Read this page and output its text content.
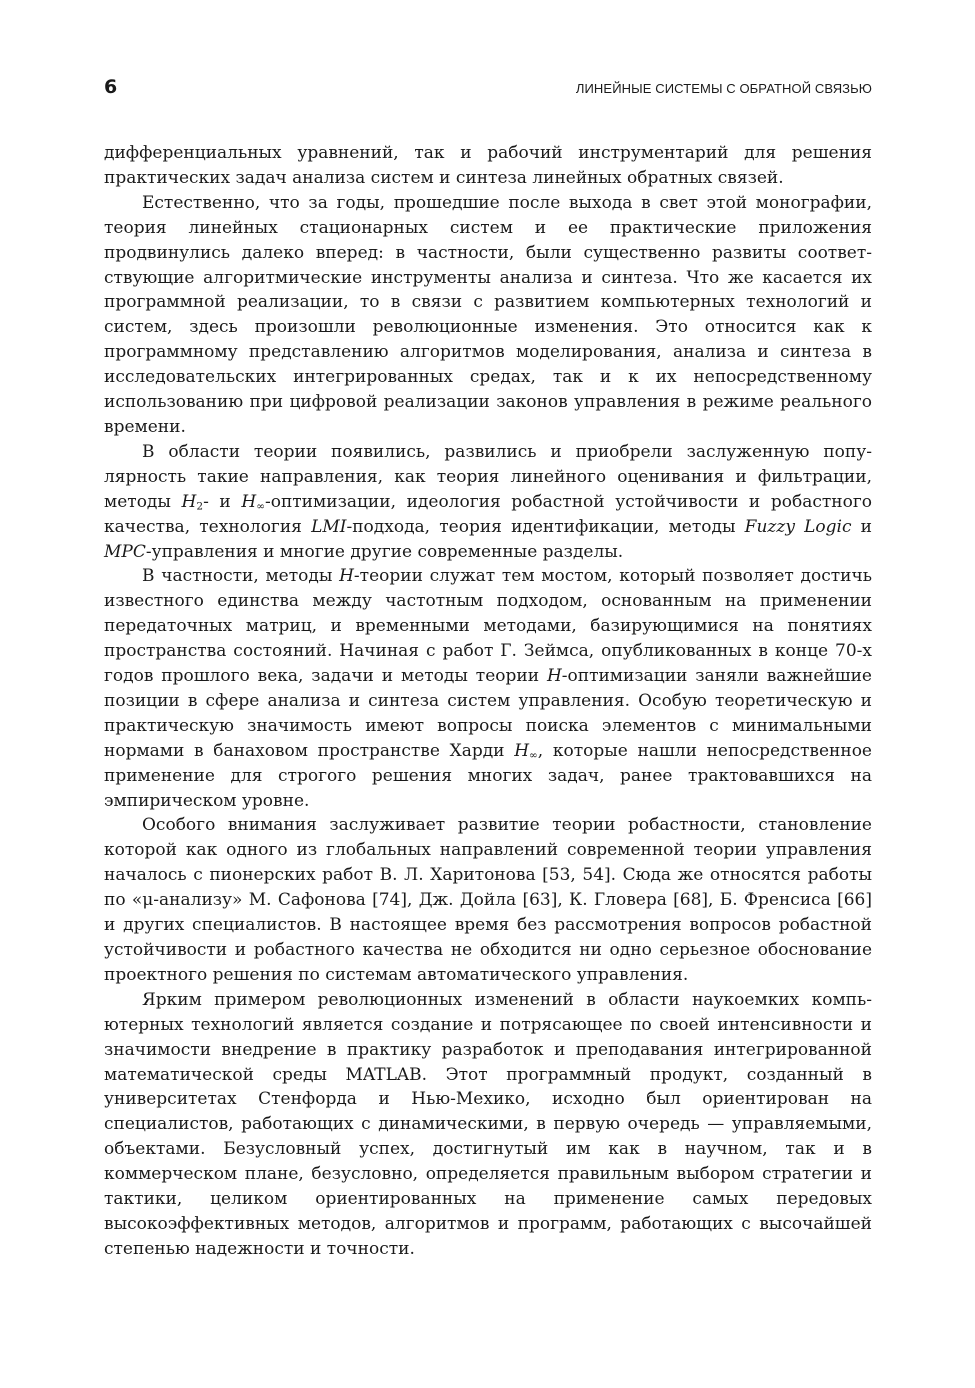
6	ЛИНЕЙНЫЕ СИСТЕМЫ С ОБРАТНОЙ СВЯЗЬЮ

дифференциальных уравнений, так и рабочий инструментарий для решения практических задач анализа систем и синтеза линейных обратных связей.

Естественно, что за годы, прошедшие после выхода в свет этой монографии, теория линейных стационарных систем и ее практические приложения продвинулись далеко вперед: в частности, были существенно развиты соответствующие алгоритмические инструменты анализа и синтеза. Что же касается их программной реализации, то в связи с развитием компьютерных технологий и систем, здесь произошли революционные изменения. Это относится как к программному представлению алгоритмов моделирования, анализа и синтеза в исследовательских интегрированных средах, так и к их непосредственному использованию при цифровой реализации законов управления в режиме реального времени.

В области теории появились, развились и приобрели заслуженную популярность такие направления, как теория линейного оценивания и фильтрации, методы $H_2-$ и $H_\infty$-оптимизации, идеология робастной устойчивости и робастного качества, технология LMI-подхода, теория идентификации, методы Fuzzy Logic и MPC-управления и многие другие современные разделы.

В частности, методы H-теории служат тем мостом, который позволяет достичь известного единства между частотным подходом, основанным на применении передаточных матриц, и временными методами, базирующимися на понятиях пространства состояний. Начиная с работ Г. Зеймса, опубликованных в конце 70-х годов прошлого века, задачи и методы теории H-оптимизации заняли важнейшие позиции в сфере анализа и синтеза систем управления. Особую теоретическую и практическую значимость имеют вопросы поиска элементов с минимальными нормами в банаховом пространстве Харди $H_\infty$, которые нашли непосредственное применение для строгого решения многих задач, ранее трактовавшихся на эмпирическом уровне.

Особого внимания заслуживает развитие теории робастности, становление которой как одного из глобальных направлений современной теории управления началось с пионерских работ В. Л. Харитонова [53, 54]. Сюда же относятся работы по «μ-анализу» М. Сафонова [74], Дж. Дойла [63], К. Гловера [68], Б. Френсиса [66] и других специалистов. В настоящее время без рассмотрения вопросов робастной устойчивости и робастного качества не обходится ни одно серьезное обоснование проектного решения по системам автоматического управления.

Ярким примером революционных изменений в области наукоемких компьютерных технологий является создание и потрясающее по своей интенсивности и значимости внедрение в практику разработок и преподавания интегрированной математической среды MATLAB. Этот программный продукт, созданный в университетах Стенфорда и Нью-Мехико, исходно был ориентирован на специалистов, работающих с динамическими, в первую очередь — управляемыми, объектами. Безусловный успех, достигнутый им как в научном, так и в коммерческом плане, безусловно, определяется правильным выбором стратегии и тактики, целиком ориентированных на применение самых передовых высокоэффективных методов, алгоритмов и программ, работающих с высочайшей степенью надежности и точности.
